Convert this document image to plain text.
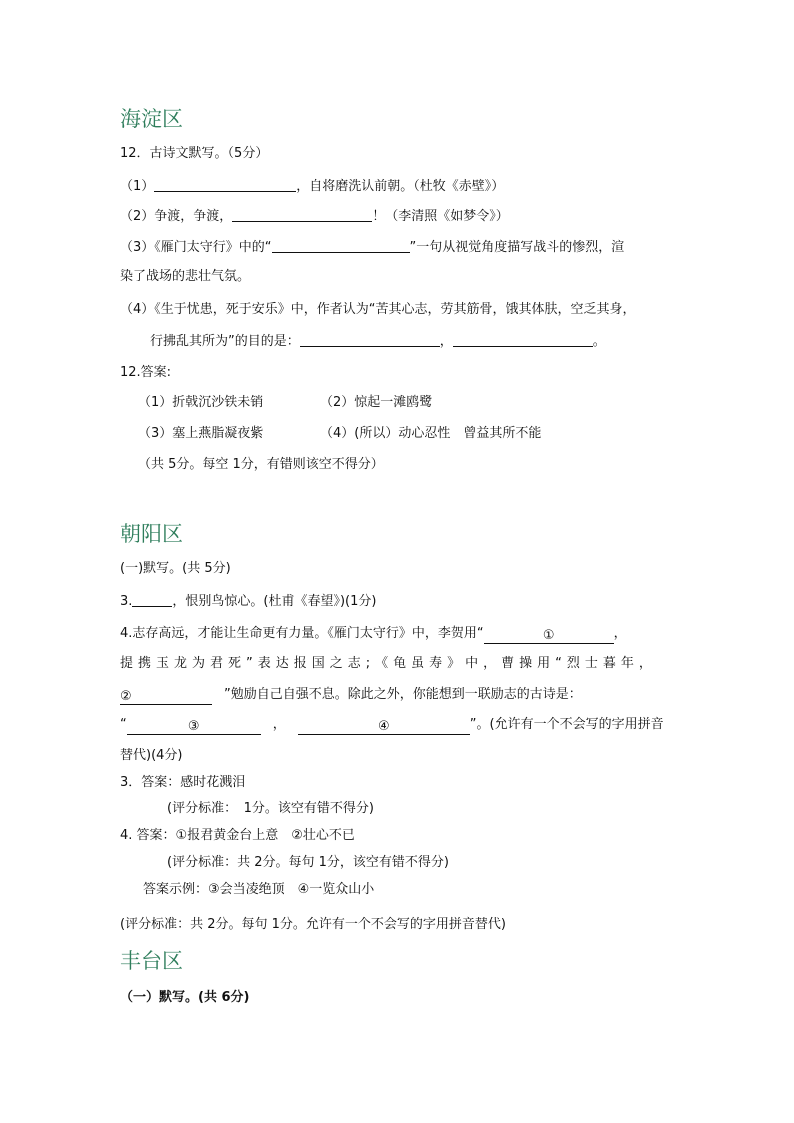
海淀区
12．古诗文默写。（5分）
（1）	，自将磨洗认前朝。（杜牧《赤壁》）
（2）争渡，争渡，	！（李清照《如梦令》）
（3）《雁门太守行》中的“	”一句从视觉角度描写战斗的惨烈，渲
染了战场的悲壮气氛。
（4）《生于忧患，死于安乐》中，作者认为“苦其心志，劳其筋骨，饿其体肤，空乏其身，
行拂乱其所为”的目的是：	，	。
12.答案:
（1）折戟沉沙铁未销	（2）惊起一滩鸥鹭
（3）塞上燕脂凝夜紫	（4）(所以）动心忍性　曾益其所不能
（共 5分。每空 1分，有错则该空不得分）
朝阳区
(一)默写。(共 5分)
3.	，恨别鸟惊心。(杜甫《春望》)(1分)
4.志存高远，才能让生命更有力量。《雁门太守行》中，李贺用“	①	，
提携玉龙为君死”表达报国之志;《龟虽寿》中，曹操用“烈士暮年，
②	”勉励自己自强不息。除此之外，你能想到一联励志的古诗是：
“	③	，	④	”。(允许有一个不会写的字用拼音
替代)(4分)
3．答案：感时花溅泪
(评分标准：　1分。该空有错不得分)
4. 答案：①报君黄金台上意　②壮心不已
(评分标准：共 2分。每句 1分，该空有错不得分)
答案示例：③会当凌绝顶　④一览众山小
(评分标准：共 2分。每句 1分。允许有一个不会写的字用拼音替代)
丰台区
（一）默写。(共 6分)
